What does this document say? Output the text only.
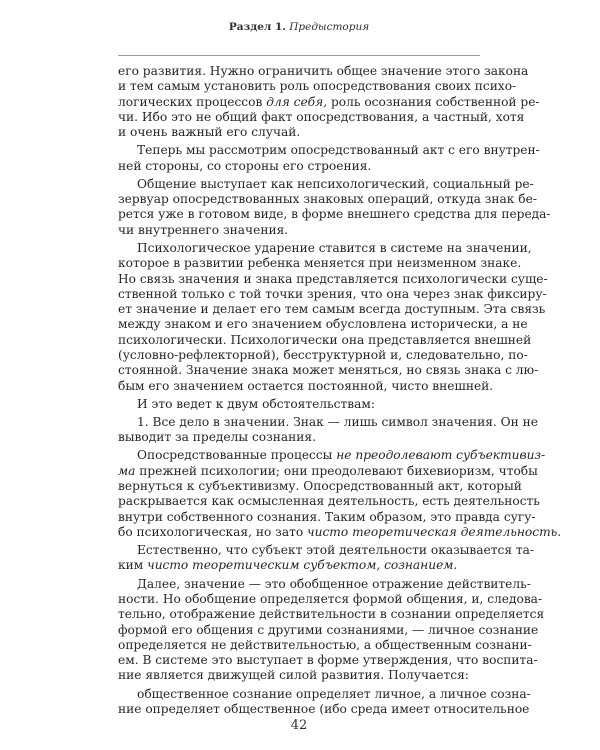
Раздел 1. Предыстория
его развития. Нужно ограничить общее значение этого закона
и тем самым установить роль опосредствования своих психо-
логических процессов для себя, роль осознания собственной ре-
чи. Ибо это не общий факт опосредствования, а частный, хотя
и очень важный его случай.
Теперь мы рассмотрим опосредствованный акт с его внутрен-
ней стороны, со стороны его строения.
Общение выступает как непсихологический, социальный ре-
зервуар опосредствованных знаковых операций, откуда знак бе-
рется уже в готовом виде, в форме внешнего средства для переда-
чи внутреннего значения.
Психологическое ударение ставится в системе на значении,
которое в развитии ребенка меняется при неизменном знаке.
Но связь значения и знака представляется психологически суще-
ственной только с той точки зрения, что она через знак фиксиру-
ет значение и делает его тем самым всегда доступным. Эта связь
между знаком и его значением обусловлена исторически, а не
психологически. Психологически она представляется внешней
(условно-рефлекторной), бесструктурной и, следовательно, по-
стоянной. Значение знака может меняться, но связь знака с лю-
бым его значением остается постоянной, чисто внешней.
И это ведет к двум обстоятельствам:
1. Все дело в значении. Знак — лишь символ значения. Он не
выводит за пределы сознания.
Опосредствованные процессы не преодолевают субъективиз-
ма прежней психологии; они преодолевают бихевиоризм, чтобы
вернуться к субъективизму. Опосредствованный акт, который
раскрывается как осмысленная деятельность, есть деятельность
внутри собственного сознания. Таким образом, это правда сугу-
бо психологическая, но зато чисто теоретическая деятельность.
Естественно, что субъект этой деятельности оказывается та-
ким чисто теоретическим субъектом, сознанием.
Далее, значение — это обобщенное отражение действитель-
ности. Но обобщение определяется формой общения, и, следова-
тельно, отображение действительности в сознании определяется
формой его общения с другими сознаниями, — личное сознание
определяется не действительностью, а общественным сознани-
ем. В системе это выступает в форме утверждения, что воспита-
ние является движущей силой развития. Получается:
общественное сознание определяет личное, а личное созна-
ние определяет общественное (ибо среда имеет относительное
42
